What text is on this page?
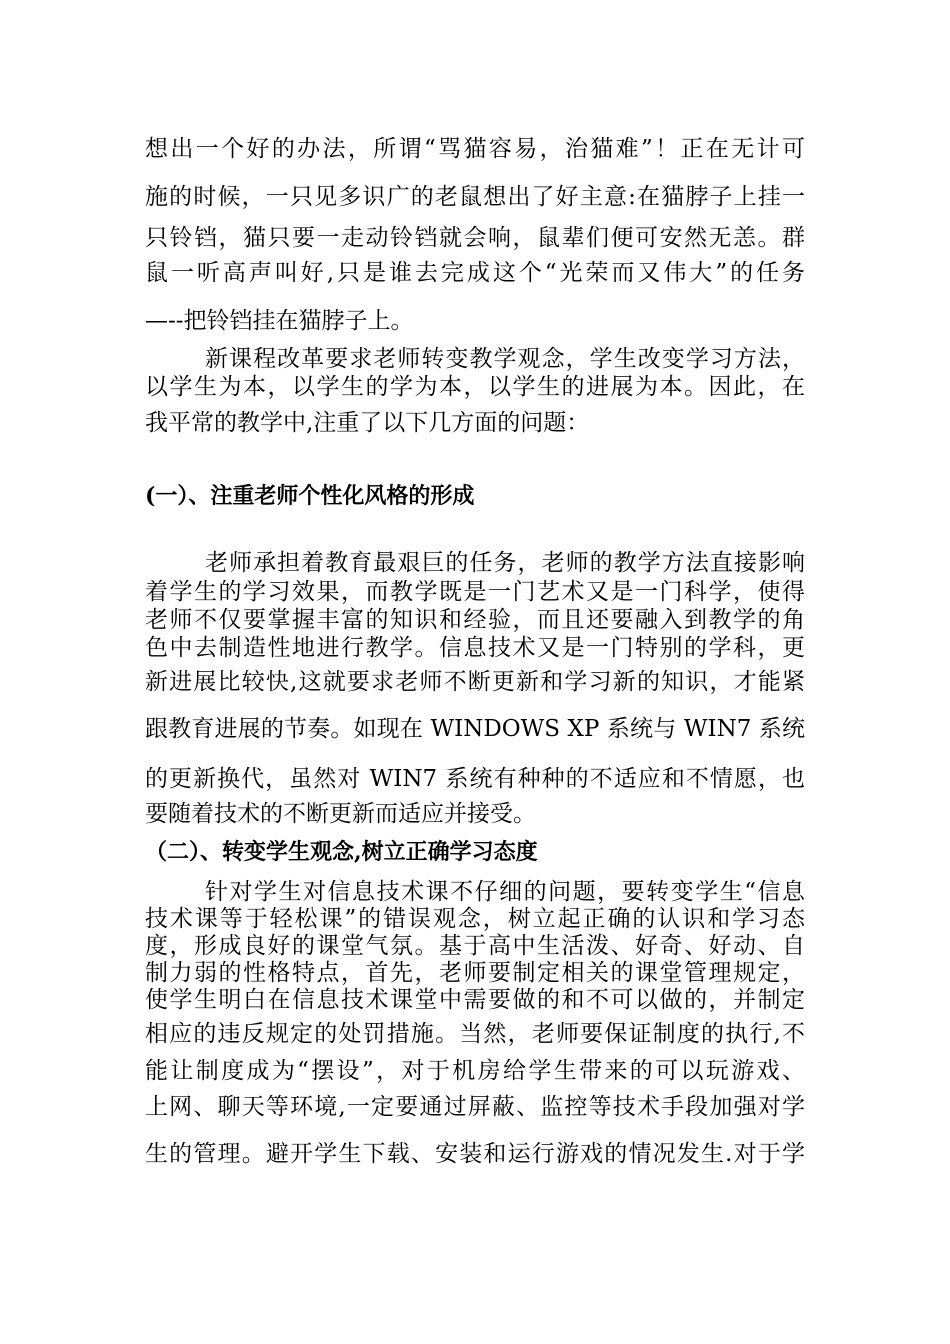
想出一个好的办法，所谓“骂猫容易，治猫难”！正在无计可
施的时候，一只见多识广的老鼠想出了好主意:在猫脖子上挂一
只铃铛，猫只要一走动铃铛就会响，鼠辈们便可安然无恙。群
鼠一听高声叫好,只是谁去完成这个“光荣而又伟大”的任务
—--把铃铛挂在猫脖子上。
新课程改革要求老师转变教学观念，学生改变学习方法，
以学生为本，以学生的学为本，以学生的进展为本。因此，在
我平常的教学中,注重了以下几方面的问题：
(一）、注重老师个性化风格的形成
老师承担着教育最艰巨的任务，老师的教学方法直接影响
着学生的学习效果，而教学既是一门艺术又是一门科学，使得
老师不仅要掌握丰富的知识和经验，而且还要融入到教学的角
色中去制造性地进行教学。信息技术又是一门特别的学科，更
新进展比较快,这就要求老师不断更新和学习新的知识，才能紧
跟教育进展的节奏。如现在 WINDOWS XP 系统与 WIN7 系统
的更新换代，虽然对 WIN7 系统有种种的不适应和不情愿，也
要随着技术的不断更新而适应并接受。
（二）、转变学生观念,树立正确学习态度
针对学生对信息技术课不仔细的问题，要转变学生“信息
技术课等于轻松课”的错误观念，树立起正确的认识和学习态
度，形成良好的课堂气氛。基于高中生活泼、好奇、好动、自
制力弱的性格特点，首先，老师要制定相关的课堂管理规定，
使学生明白在信息技术课堂中需要做的和不可以做的，并制定
相应的违反规定的处罚措施。当然，老师要保证制度的执行,不
能让制度成为“摆设”，对于机房给学生带来的可以玩游戏、
上网、聊天等环境,一定要通过屏蔽、监控等技术手段加强对学
生的管理。避开学生下载、安装和运行游戏的情况发生.对于学
